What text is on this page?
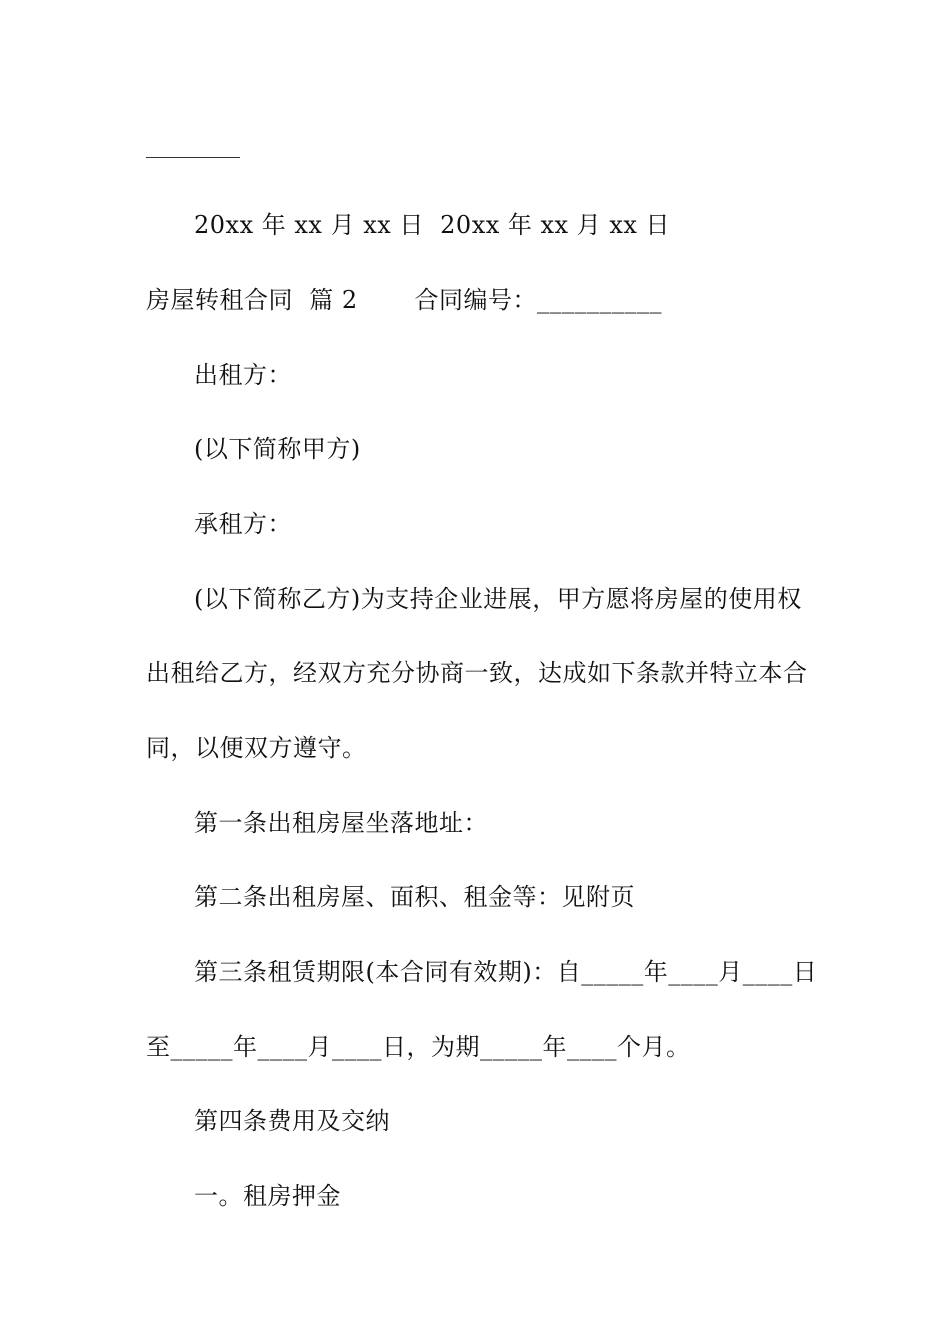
20xx 年 xx 月 xx 日  20xx 年 xx 月 xx 日
房屋转租合同  篇 2       合同编号：__________
出租方：
(以下简称甲方)
承租方：
(以下简称乙方)为支持企业进展，甲方愿将房屋的使用权
出租给乙方，经双方充分协商一致，达成如下条款并特立本合
同，以便双方遵守。
第一条出租房屋坐落地址：
第二条出租房屋、面积、租金等：见附页
第三条租赁期限(本合同有效期)：自_____年____月____日
至_____年____月____日，为期_____年____个月。
第四条费用及交纳
一。租房押金
